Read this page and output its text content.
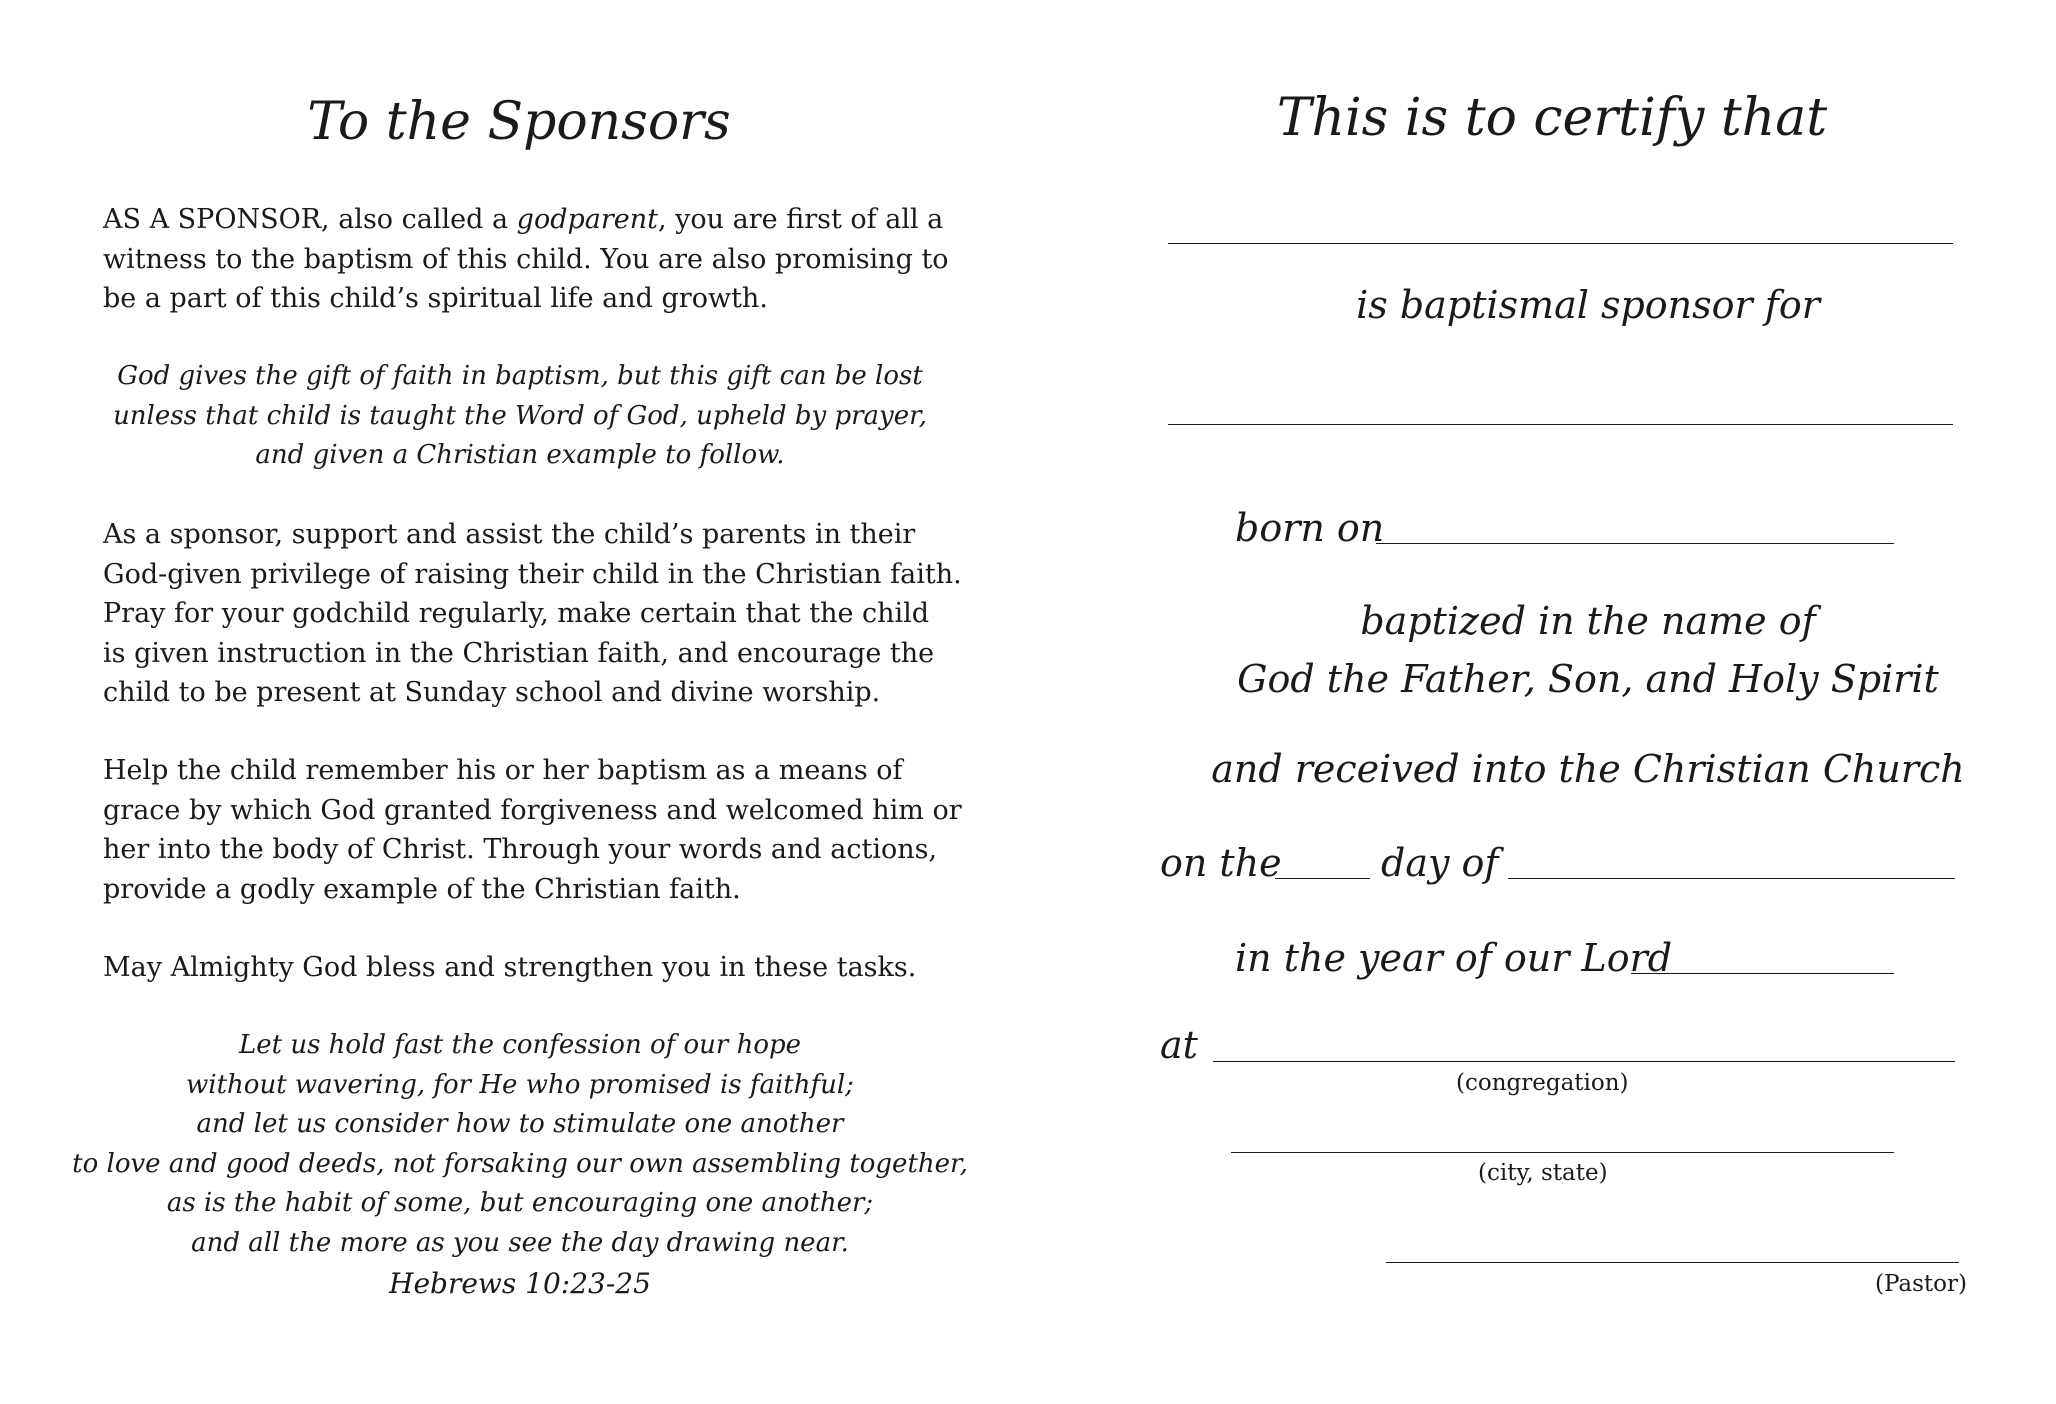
To the Sponsors

AS A SPONSOR, also called a godparent, you are first of all a
witness to the baptism of this child. You are also promising to
be a part of this child’s spiritual life and growth.

God gives the gift of faith in baptism, but this gift can be lost
unless that child is taught the Word of God, upheld by prayer,
and given a Christian example to follow.

As a sponsor, support and assist the child’s parents in their
God-given privilege of raising their child in the Christian faith.
Pray for your godchild regularly, make certain that the child
is given instruction in the Christian faith, and encourage the
child to be present at Sunday school and divine worship.

Help the child remember his or her baptism as a means of
grace by which God granted forgiveness and welcomed him or
her into the body of Christ. Through your words and actions,
provide a godly example of the Christian faith.

May Almighty God bless and strengthen you in these tasks.

Let us hold fast the confession of our hope
without wavering, for He who promised is faithful;
and let us consider how to stimulate one another
to love and good deeds, not forsaking our own assembling together,
as is the habit of some, but encouraging one another;
and all the more as you see the day drawing near.

Hebrews 10:23-25

This is to certify that
is baptismal sponsor for
born on
baptized in the name of
God the Father, Son, and Holy Spirit
and received into the Christian Church
on the	day of
in the year of our Lord
at
(congregation)
(city, state)
(Pastor)
